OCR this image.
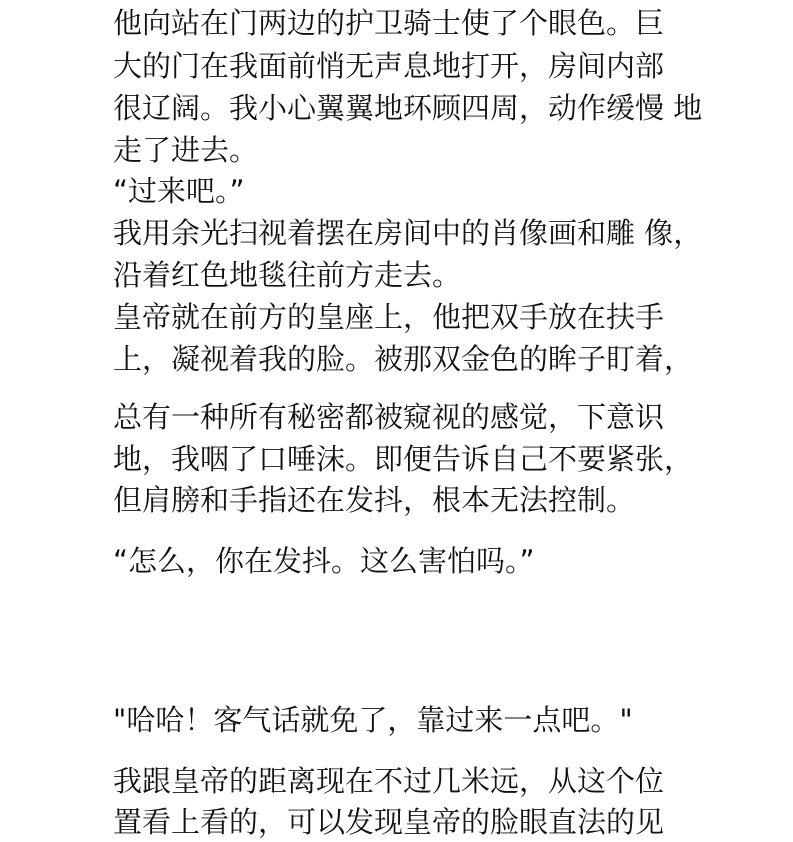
他向站在门两边的护卫骑士使了个眼色。巨
大的门在我面前悄无声息地打开，房间内部
很辽阔。我小心翼翼地环顾四周，动作缓慢 地
走了进去。
“过来吧。”
我用余光扫视着摆在房间中的肖像画和雕 像，
沿着红色地毯往前方走去。
皇帝就在前方的皇座上，他把双手放在扶手
上，凝视着我的脸。被那双金色的眸子盯着，
总有一种所有秘密都被窥视的感觉，下意识
地，我咽了口唾沫。即便告诉自己不要紧张，
但肩膀和手指还在发抖，根本无法控制。
“怎么，你在发抖。这么害怕吗。”
"哈哈！客气话就免了，靠过来一点吧。"
我跟皇帝的距离现在不过几米远，从这个位
置看上看的，可以发现皇帝的脸眼直法的见
